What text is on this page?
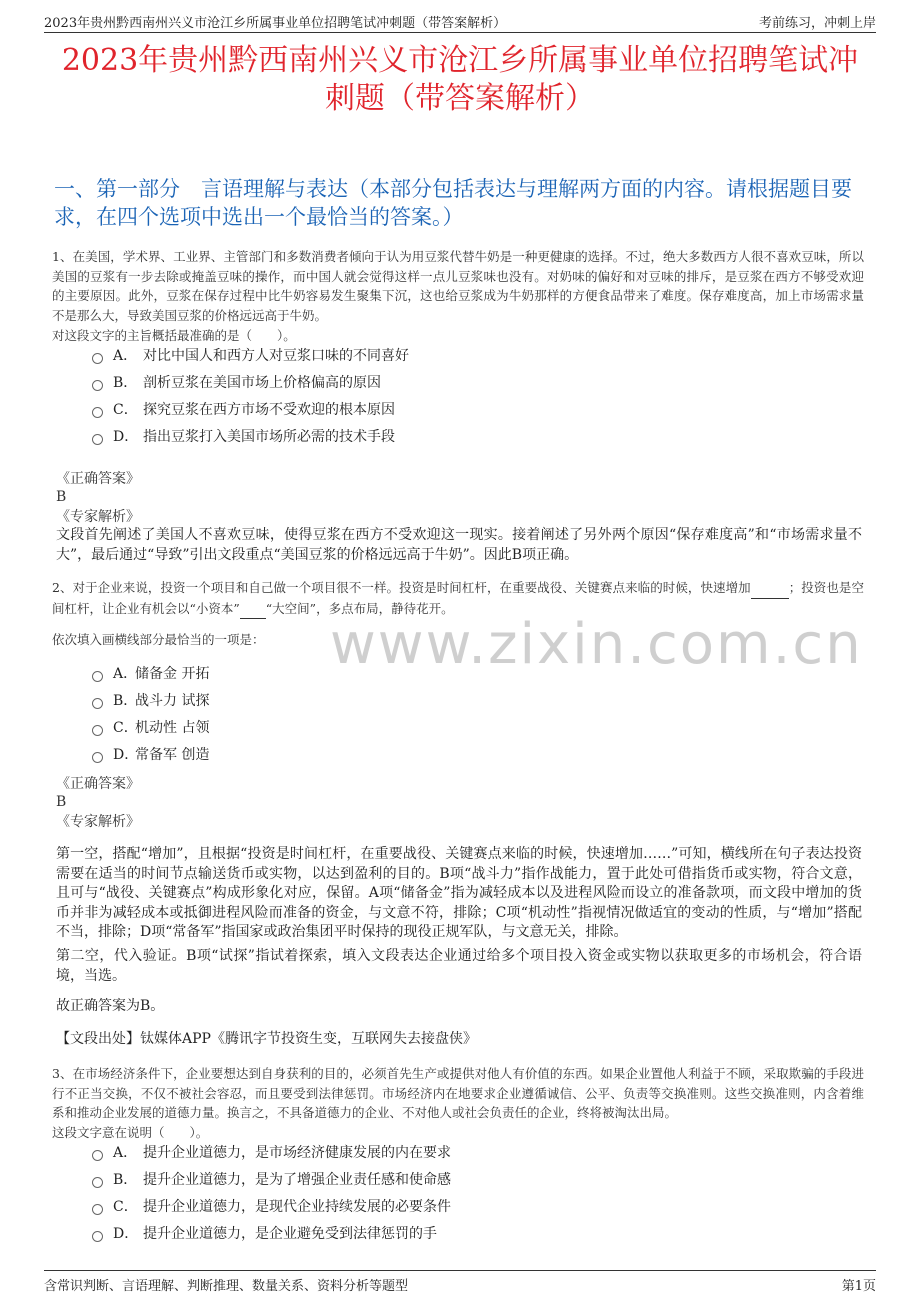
2023年贵州黔西南州兴义市沧江乡所属事业单位招聘笔试冲刺题（带答案解析）	考前练习，冲刺上岸
2023年贵州黔西南州兴义市沧江乡所属事业单位招聘笔试冲刺题（带答案解析）
一、第一部分　言语理解与表达（本部分包括表达与理解两方面的内容。请根据题目要求，在四个选项中选出一个最恰当的答案。）
www.zixin.com.cn
1、在美国，学术界、工业界、主管部门和多数消费者倾向于认为用豆浆代替牛奶是一种更健康的选择。不过，绝大多数西方人很不喜欢豆味，所以美国的豆浆有一步去除或掩盖豆味的操作，而中国人就会觉得这样一点儿豆浆味也没有。对奶味的偏好和对豆味的排斥，是豆浆在西方不够受欢迎的主要原因。此外，豆浆在保存过程中比牛奶容易发生聚集下沉，这也给豆浆成为牛奶那样的方便食品带来了难度。保存难度高，加上市场需求量不是那么大，导致美国豆浆的价格远远高于牛奶。
对这段文字的主旨概括最准确的是（　　）。
A． 对比中国人和西方人对豆浆口味的不同喜好
B． 剖析豆浆在美国市场上价格偏高的原因
C． 探究豆浆在西方市场不受欢迎的根本原因
D． 指出豆浆打入美国市场所必需的技术手段
《正确答案》
B
《专家解析》
文段首先阐述了美国人不喜欢豆味，使得豆浆在西方不受欢迎这一现实。接着阐述了另外两个原因“保存难度高”和“市场需求量不大”，最后通过“导致”引出文段重点“美国豆浆的价格远远高于牛奶”。因此B项正确。
2、对于企业来说，投资一个项目和自己做一个项目很不一样。投资是时间杠杆，在重要战役、关键赛点来临的时候，快速增加	；投资也是空间杠杆，让企业有机会以“小资本” “大空间”，多点布局，静待花开。
依次填入画横线部分最恰当的一项是：
A．
储备金 开拓
B．
战斗力 试探
C．
机动性 占领
D．
常备军 创造
《正确答案》
B
《专家解析》
第一空，搭配“增加”，且根据“投资是时间杠杆，在重要战役、关键赛点来临的时候，快速增加……”可知，横线所在句子表达投资需要在适当的时间节点输送货币或实物，以达到盈利的目的。B项“战斗力”指作战能力，置于此处可借指货币或实物，符合文意，且可与“战役、关键赛点”构成形象化对应，保留。A项“储备金”指为减轻成本以及进程风险而设立的准备款项，而文段中增加的货币并非为减轻成本或抵御进程风险而准备的资金，与文意不符，排除；C项“机动性”指视情况做适宜的变动的性质，与“增加”搭配不当，排除；D项“常备军”指国家或政治集团平时保持的现役正规军队，与文意无关，排除。
第二空，代入验证。B项“试探”指试着探索，填入文段表达企业通过给多个项目投入资金或实物以获取更多的市场机会，符合语境，当选。
故正确答案为B。
【文段出处】钛媒体APP《腾讯字节投资生变，互联网失去接盘侠》
3、在市场经济条件下，企业要想达到自身获利的目的，必须首先生产或提供对他人有价值的东西。如果企业置他人利益于不顾，采取欺骗的手段进行不正当交换，不仅不被社会容忍，而且要受到法律惩罚。市场经济内在地要求企业遵循诚信、公平、负责等交换准则。这些交换准则，内含着维系和推动企业发展的道德力量。换言之，不具备道德力的企业、不对他人或社会负责任的企业，终将被淘汰出局。
这段文字意在说明（　　）。
A． 提升企业道德力，是市场经济健康发展的内在要求
B． 提升企业道德力，是为了增强企业责任感和使命感
C． 提升企业道德力，是现代企业持续发展的必要条件
D． 提升企业道德力，是企业避免受到法律惩罚的手
含常识判断、言语理解、判断推理、数量关系、资料分析等题型	第1页
